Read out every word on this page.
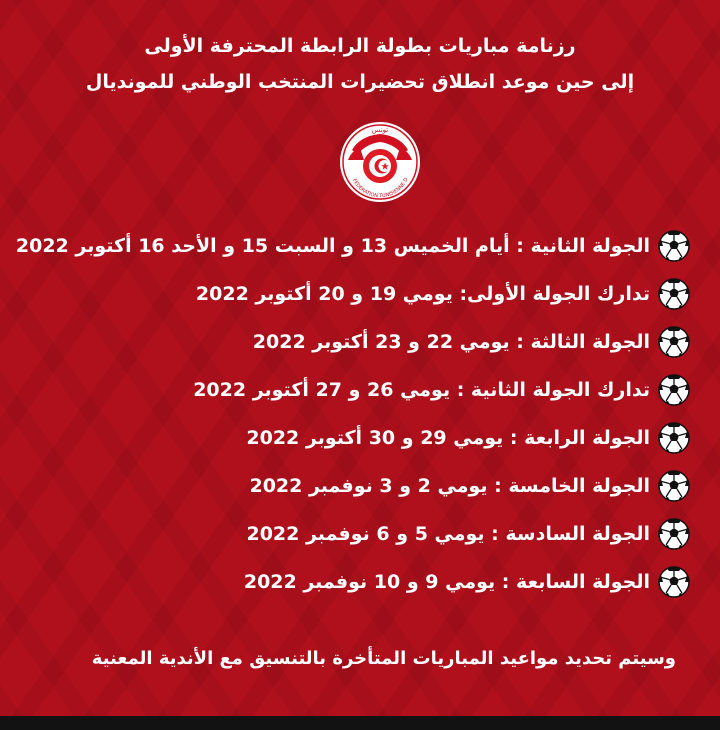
رزنامة مباريات بطولة الرابطة المحترفة الأولى
إلى حين موعد انطلاق تحضيرات المنتخب الوطني للمونديال
تونس
FEDERATION TUNISIENNE D
الجولة الثانية : أيام الخميس 13 و السبت 15 و الأحد 16 أكتوبر 2022
تدارك الجولة الأولى: يومي 19 و 20 أكتوبر 2022
الجولة الثالثة : يومي 22 و 23 أكتوبر 2022
تدارك الجولة الثانية : يومي 26 و 27 أكتوبر 2022
الجولة الرابعة : يومي 29 و 30 أكتوبر 2022
الجولة الخامسة : يومي 2 و 3 نوفمبر 2022
الجولة السادسة : يومي 5 و 6 نوفمبر 2022
الجولة السابعة : يومي 9 و 10 نوفمبر 2022
وسيتم تحديد مواعيد المباريات المتأخرة بالتنسيق مع الأندية المعنية
